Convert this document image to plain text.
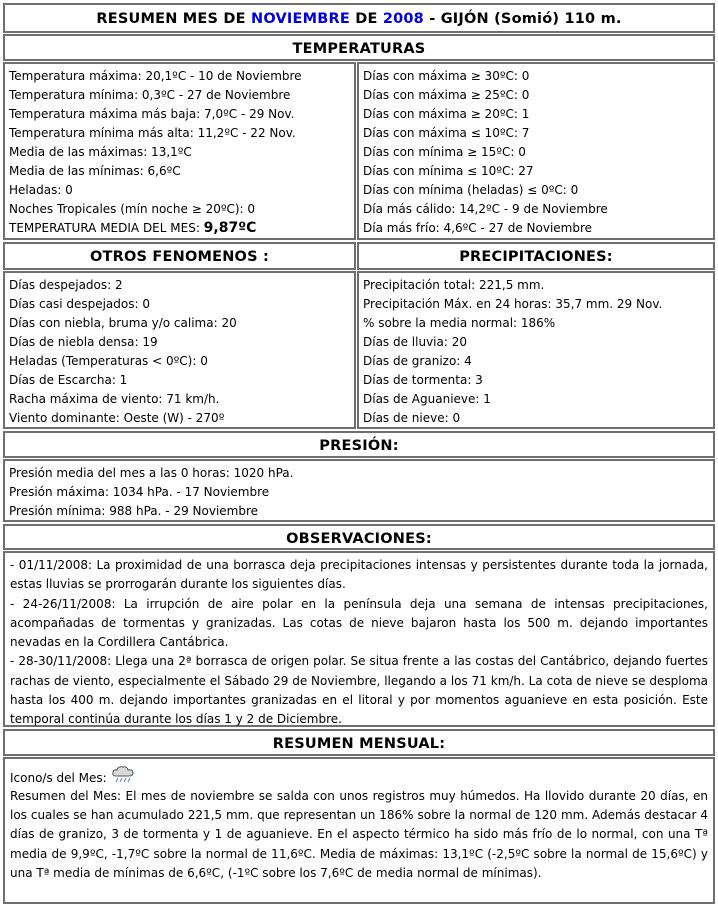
RESUMEN MES DE NOVIEMBRE DE 2008 - GIJÓN (Somió) 110 m.
TEMPERATURAS
Temperatura máxima: 20,1ºC - 10 de Noviembre
Temperatura mínima: 0,3ºC - 27 de Noviembre
Temperatura máxima más baja: 7,0ºC - 29 Nov.
Temperatura mínima más alta: 11,2ºC - 22 Nov.
Media de las máximas: 13,1ºC
Media de las mínimas: 6,6ºC
Heladas: 0
Noches Tropicales (mín noche ≥ 20ºC): 0
TEMPERATURA MEDIA DEL MES: 9,87ºC
Días con máxima ≥ 30ºC: 0
Días con máxima ≥ 25ºC: 0
Días con máxima ≥ 20ºC: 1
Días con máxima ≤ 10ºC: 7
Días con mínima ≥ 15ºC: 0
Días con mínima ≤ 10ºC: 27
Días con mínima (heladas) ≤ 0ºC: 0
Día más cálido: 14,2ºC - 9 de Noviembre
Día más frío: 4,6ºC - 27 de Noviembre
OTROS FENOMENOS :	PRECIPITACIONES:
Días despejados: 2
Días casi despejados: 0
Días con niebla, bruma y/o calima: 20
Días de niebla densa: 19
Heladas (Temperaturas < 0ºC): 0
Días de Escarcha: 1
Racha máxima de viento: 71 km/h.
Viento dominante: Oeste (W) - 270º
Precipitación total: 221,5 mm.
Precipitación Máx. en 24 horas: 35,7 mm. 29 Nov.
% sobre la media normal: 186%
Días de lluvia: 20
Días de granizo: 4
Días de tormenta: 3
Días de Aguanieve: 1
Días de nieve: 0
PRESIÓN:
Presión media del mes a las 0 horas: 1020 hPa.
Presión máxima: 1034 hPa. - 17 Noviembre
Presión mínima: 988 hPa. - 29 Noviembre
OBSERVACIONES:
- 01/11/2008: La proximidad de una borrasca deja precipitaciones intensas y persistentes durante toda la jornada, estas lluvias se prorrogarán durante los siguientes días.
- 24-26/11/2008: La irrupción de aire polar en la península deja una semana de intensas precipitaciones, acompañadas de tormentas y granizadas. Las cotas de nieve bajaron hasta los 500 m. dejando importantes nevadas en la Cordillera Cantábrica.
- 28-30/11/2008: Llega una 2ª borrasca de origen polar. Se situa frente a las costas del Cantábrico, dejando fuertes rachas de viento, especialmente el Sábado 29 de Noviembre, llegando a los 71 km/h. La cota de nieve se desploma hasta los 400 m. dejando importantes granizadas en el litoral y por momentos aguanieve en esta posición. Este temporal continúa durante los días 1 y 2 de Diciembre.
RESUMEN MENSUAL:
Icono/s del Mes:
Resumen del Mes: El mes de noviembre se salda con unos registros muy húmedos. Ha llovido durante 20 días, en los cuales se han acumulado 221,5 mm. que representan un 186% sobre la normal de 120 mm. Además destacar 4 días de granizo, 3 de tormenta y 1 de aguanieve. En el aspecto térmico ha sido más frío de lo normal, con una Tª media de 9,9ºC, -1,7ºC sobre la normal de 11,6ºC. Media de máximas: 13,1ºC (-2,5ºC sobre la normal de 15,6ºC) y una Tª media de mínimas de 6,6ºC, (-1ºC sobre los 7,6ºC de media normal de mínimas).
